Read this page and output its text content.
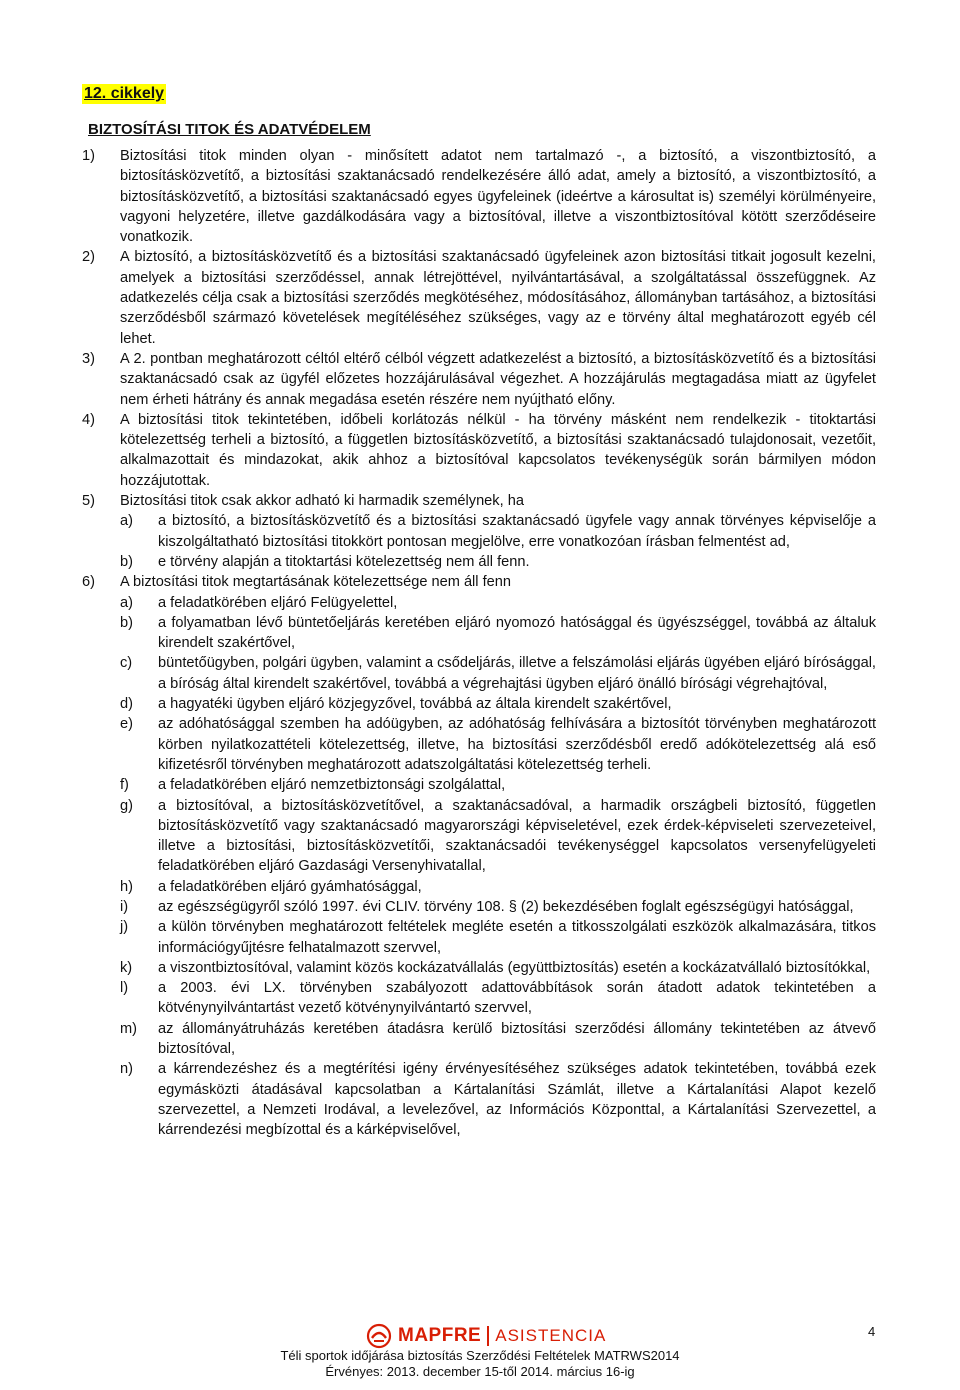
12. cikkely
BIZTOSÍTÁSI TITOK ÉS ADATVÉDELEM
1)	Biztosítási titok minden olyan - minősített adatot nem tartalmazó -, a biztosító, a viszontbiztosító, a biztosításközvetítő, a biztosítási szaktanácsadó rendelkezésére álló adat, amely a biztosító, a viszontbiztosító, a biztosításközvetítő, a biztosítási szaktanácsadó egyes ügyfeleinek (ideértve a károsultat is) személyi körülményeire, vagyoni helyzetére, illetve gazdálkodására vagy a biztosítóval, illetve a viszontbiztosítóval kötött szerződéseire vonatkozik.
2)	A biztosító, a biztosításközvetítő és a biztosítási szaktanácsadó ügyfeleinek azon biztosítási titkait jogosult kezelni, amelyek a biztosítási szerződéssel, annak létrejöttével, nyilvántartásával, a szolgáltatással összefüggnek. Az adatkezelés célja csak a biztosítási szerződés megkötéséhez, módosításához, állományban tartásához, a biztosítási szerződésből származó követelések megítéléséhez szükséges, vagy az e törvény által meghatározott egyéb cél lehet.
3)	A 2. pontban meghatározott céltól eltérő célból végzett adatkezelést a biztosító, a biztosításközvetítő és a biztosítási szaktanácsadó csak az ügyfél előzetes hozzájárulásával végezhet. A hozzájárulás megtagadása miatt az ügyfelet nem érheti hátrány és annak megadása esetén részére nem nyújtható előny.
4)	A biztosítási titok tekintetében, időbeli korlátozás nélkül - ha törvény másként nem rendelkezik - titoktartási kötelezettség terheli a biztosító, a független biztosításközvetítő, a biztosítási szaktanácsadó tulajdonosait, vezetőit, alkalmazottait és mindazokat, akik ahhoz a biztosítóval kapcsolatos tevékenységük során bármilyen módon hozzájutottak.
5)	Biztosítási titok csak akkor adható ki harmadik személynek, ha
a)	a biztosító, a biztosításközvetítő és a biztosítási szaktanácsadó ügyfele vagy annak törvényes képviselője a kiszolgáltatható biztosítási titokkört pontosan megjelölve, erre vonatkozóan írásban felmentést ad,
b)	e törvény alapján a titoktartási kötelezettség nem áll fenn.
6)	A biztosítási titok megtartásának kötelezettsége nem áll fenn
a)	a feladatkörében eljáró Felügyelettel,
b)	a folyamatban lévő büntetőeljárás keretében eljáró nyomozó hatósággal és ügyészséggel, továbbá az általuk kirendelt szakértővel,
c)	büntetőügyben, polgári ügyben, valamint a csődeljárás, illetve a felszámolási eljárás ügyében eljáró bírósággal, a bíróság által kirendelt szakértővel, továbbá a végrehajtási ügyben eljáró önálló bírósági végrehajtóval,
d)	a hagyatéki ügyben eljáró közjegyzővel, továbbá az általa kirendelt szakértővel,
e)	az adóhatósággal szemben ha adóügyben, az adóhatóság felhívására a biztosítót törvényben meghatározott körben nyilatkozattételi kötelezettség, illetve, ha biztosítási szerződésből eredő adókötelezettség alá eső kifizetésről törvényben meghatározott adatszolgáltatási kötelezettség terheli.
f)	a feladatkörében eljáró nemzetbiztonsági szolgálattal,
g)	a biztosítóval, a biztosításközvetítővel, a szaktanácsadóval, a harmadik országbeli biztosító, független biztosításközvetítő vagy szaktanácsadó magyarországi képviseletével, ezek érdek-képviseleti szervezeteivel, illetve a biztosítási, biztosításközvetítői, szaktanácsadói tevékenységgel kapcsolatos versenyfelügyeleti feladatkörében eljáró Gazdasági Versenyhivatallal,
h)	a feladatkörében eljáró gyámhatósággal,
i)	az egészségügyről szóló 1997. évi CLIV. törvény 108. § (2) bekezdésében foglalt egészségügyi hatósággal,
j)	a külön törvényben meghatározott feltételek megléte esetén a titkosszolgálati eszközök alkalmazására, titkos információgyűjtésre felhatalmazott szervvel,
k)	a viszontbiztosítóval, valamint közös kockázatvállalás (együttbiztosítás) esetén a kockázatvállaló biztosítókkal,
l)	a 2003. évi LX. törvényben szabályozott adattovábbítások során átadott adatok tekintetében a kötvénynyilvántartást vezető kötvénynyilvántartó szervvel,
m)	az állományátruházás keretében átadásra kerülő biztosítási szerződési állomány tekintetében az átvevő biztosítóval,
n)	a kárrendezéshez és a megtérítési igény érvényesítéséhez szükséges adatok tekintetében, továbbá ezek egymásközti átadásával kapcsolatban a Kártalanítási Számlát, illetve a Kártalanítási Alapot kezelő szervezettel, a Nemzeti Irodával, a levelezővel, az Információs Központtal, a Kártalanítási Szervezettel, a kárrendezési megbízottal és a kárképviselővel,
MAPFRE ASISTENCIA	4
Téli sportok időjárása biztosítás Szerződési Feltételek MATRWS2014
Érvényes: 2013. december 15-től 2014. március 16-ig
